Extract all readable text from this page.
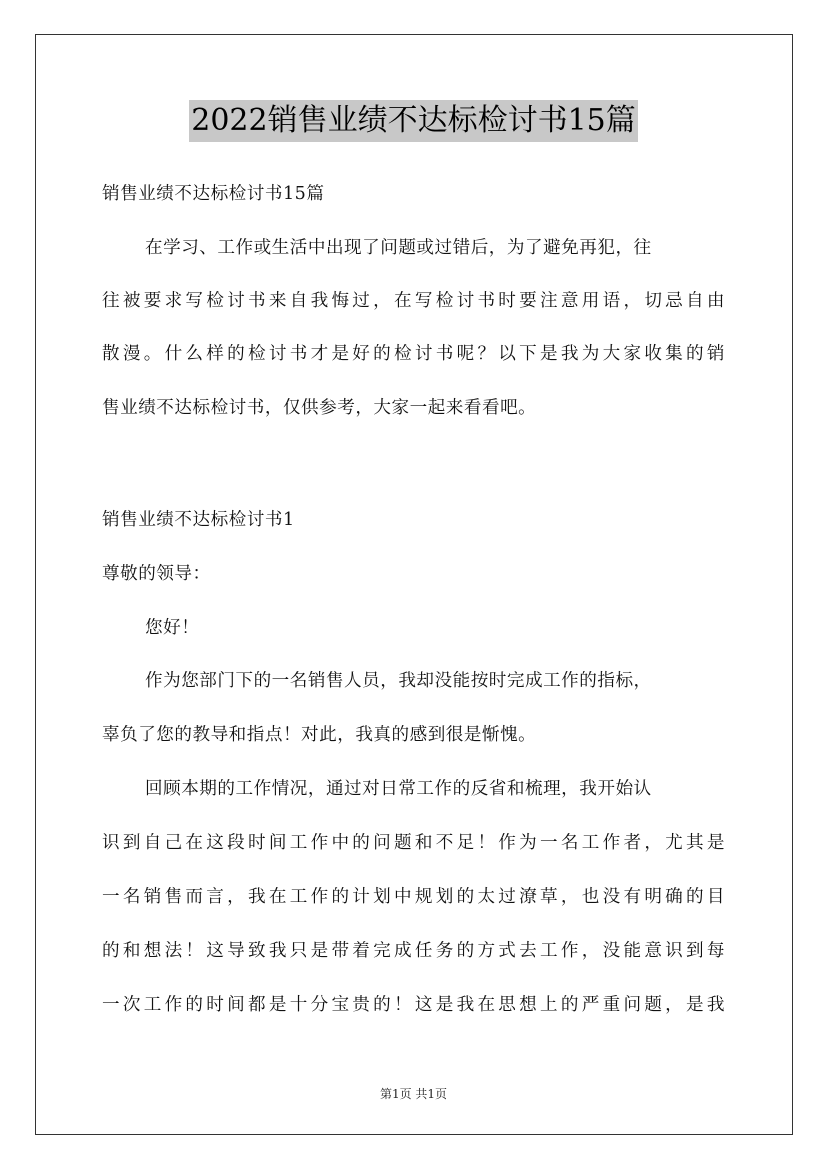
2022销售业绩不达标检讨书15篇
销售业绩不达标检讨书15篇
在学习、工作或生活中出现了问题或过错后，为了避免再犯，往
往被要求写检讨书来自我悔过，在写检讨书时要注意用语，切忌自由
散漫。什么样的检讨书才是好的检讨书呢？以下是我为大家收集的销
售业绩不达标检讨书，仅供参考，大家一起来看看吧。
销售业绩不达标检讨书1
尊敬的领导：
您好！
作为您部门下的一名销售人员，我却没能按时完成工作的指标，
辜负了您的教导和指点！对此，我真的感到很是惭愧。
回顾本期的工作情况，通过对日常工作的反省和梳理，我开始认
识到自己在这段时间工作中的问题和不足！作为一名工作者，尤其是
一名销售而言，我在工作的计划中规划的太过潦草，也没有明确的目
的和想法！这导致我只是带着完成任务的方式去工作，没能意识到每
一次工作的时间都是十分宝贵的！这是我在思想上的严重问题，是我
第1页 共1页
